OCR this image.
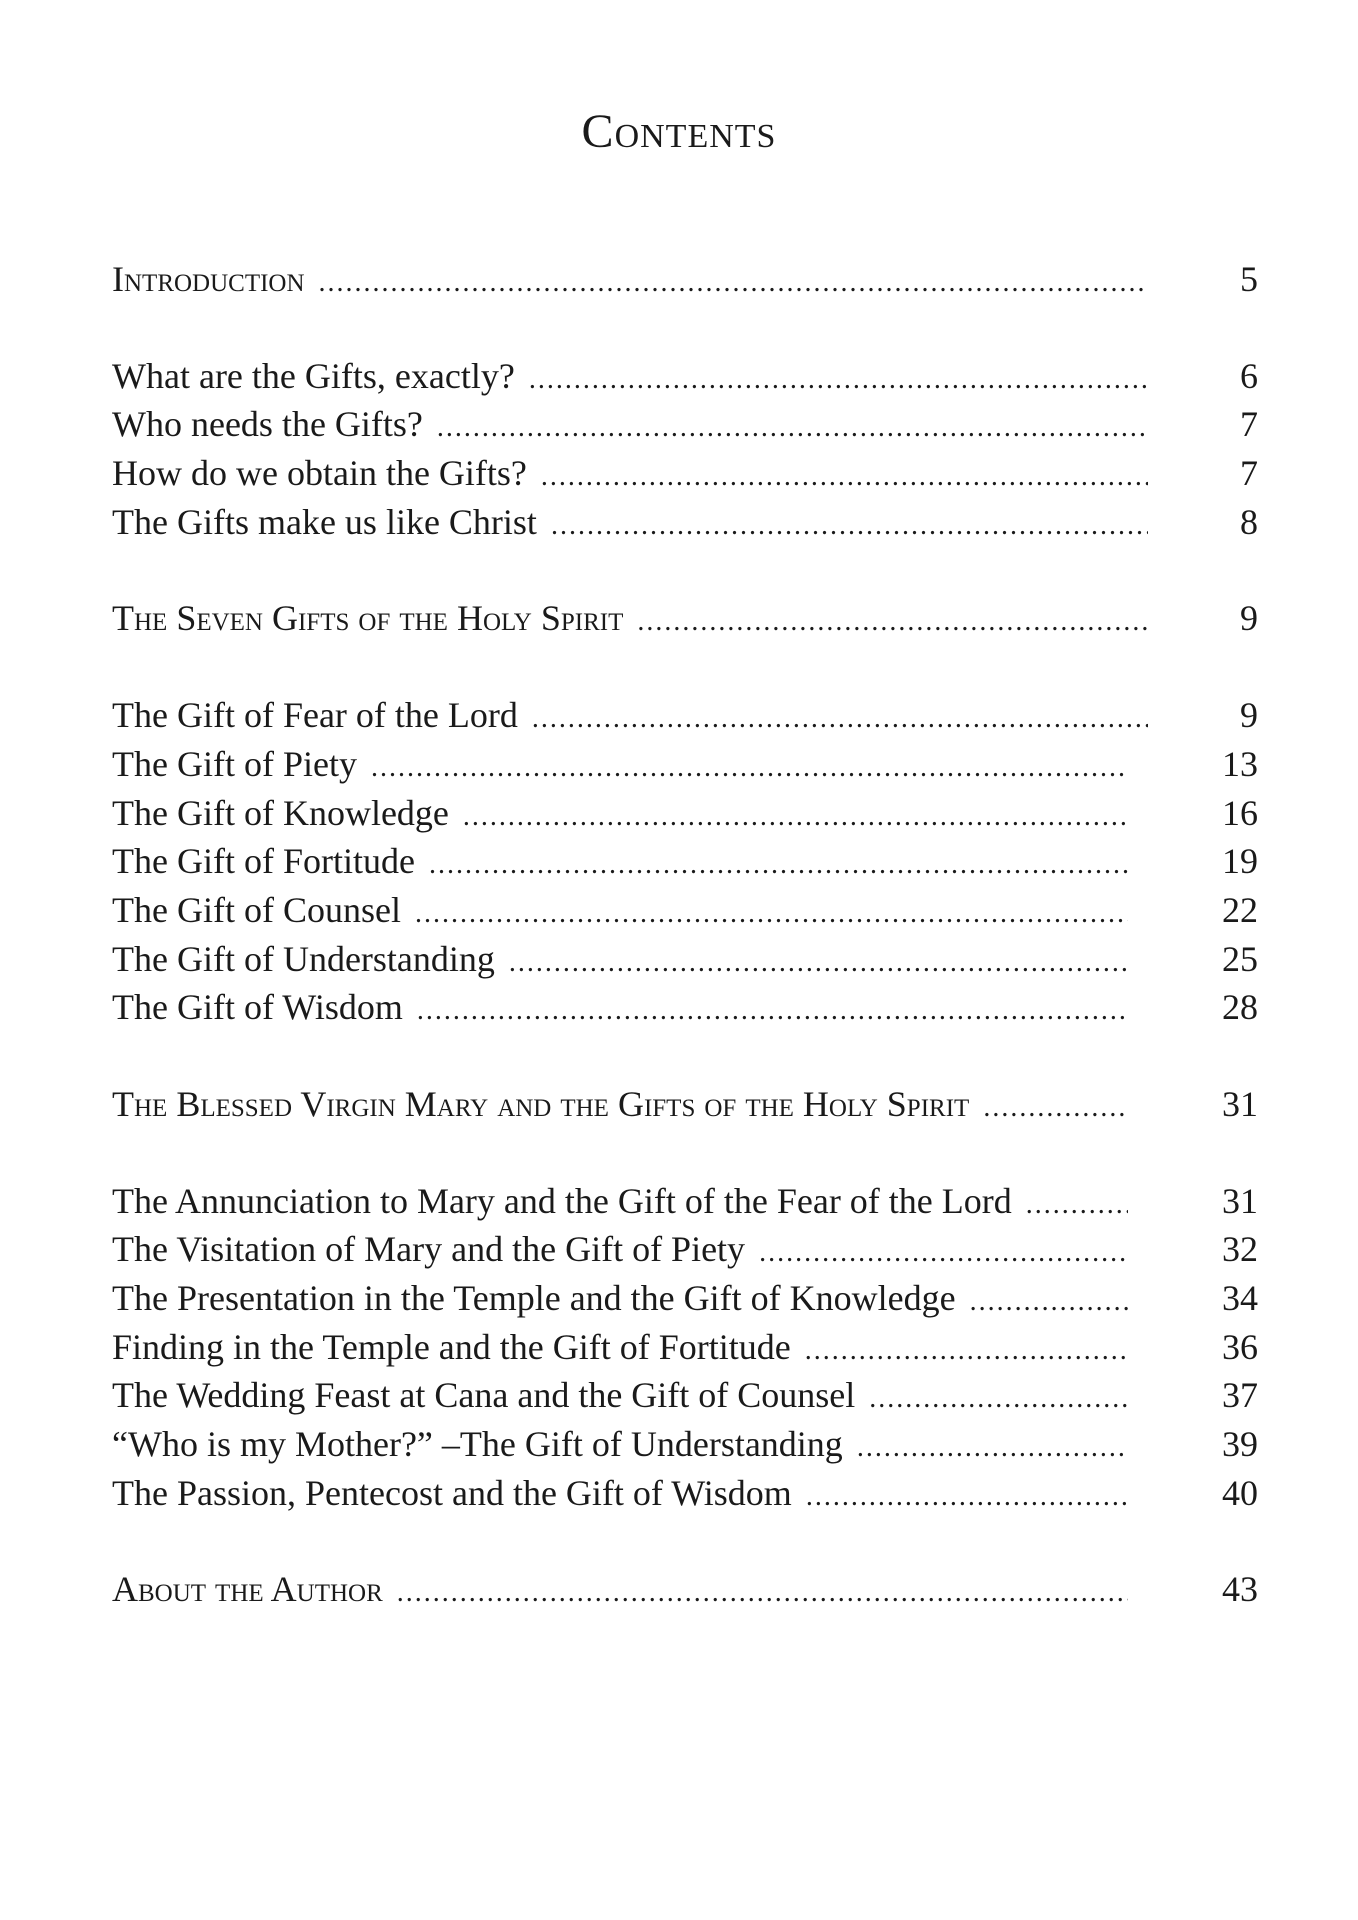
Contents
Introduction .....	5
What are the Gifts, exactly? .....	6
Who needs the Gifts? .....	7
How do we obtain the Gifts? .....	7
The Gifts make us like Christ .....	8
The Seven Gifts of the Holy Spirit .....	9
The Gift of Fear of the Lord .....	9
The Gift of Piety .....	13
The Gift of Knowledge .....	16
The Gift of Fortitude .....	19
The Gift of Counsel .....	22
The Gift of Understanding .....	25
The Gift of Wisdom .....	28
The Blessed Virgin Mary and the Gifts of the Holy Spirit .....	31
The Annunciation to Mary and the Gift of the Fear of the Lord .....	31
The Visitation of Mary and the Gift of Piety .....	32
The Presentation in the Temple and the Gift of Knowledge .....	34
Finding in the Temple and the Gift of Fortitude .....	36
The Wedding Feast at Cana and the Gift of Counsel .....	37
“Who is my Mother?” –The Gift of Understanding .....	39
The Passion, Pentecost and the Gift of Wisdom .....	40
About the Author .....	43
